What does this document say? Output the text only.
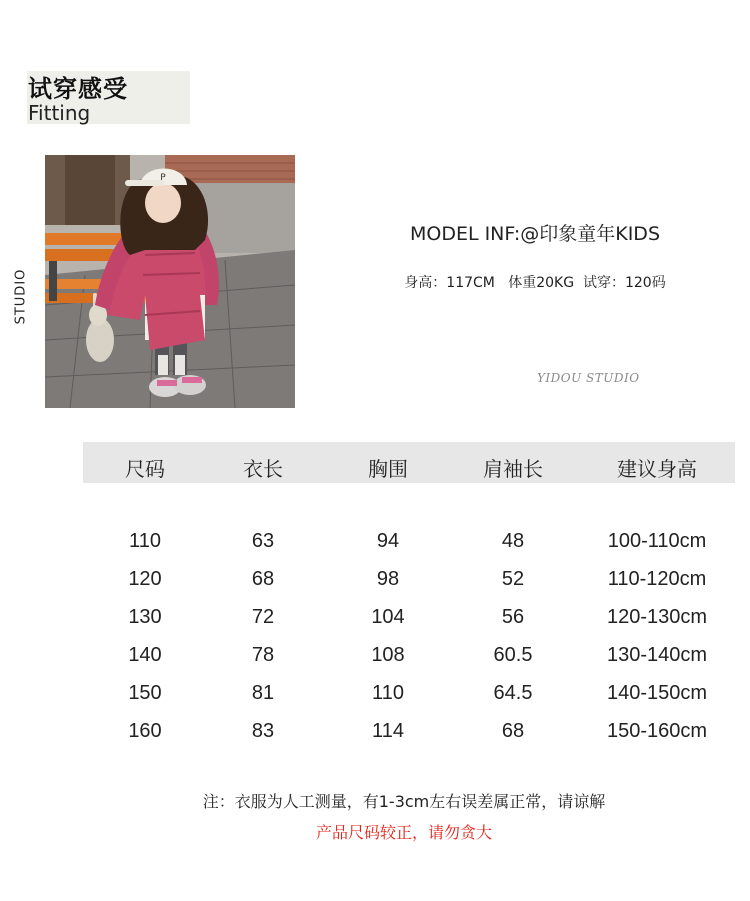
试穿感受
Fitting
STUDIO
P
MODEL INF:@印象童年KIDS
身高：117CM   体重20KG  试穿：120码
YIDOU STUDIO
尺码	衣长	胸围	肩袖长	建议身高
110	63	94	48	100-110cm
120	68	98	52	110-120cm
130	72	104	56	120-130cm
140	78	108	60.5	130-140cm
150	81	110	64.5	140-150cm
160	83	114	68	150-160cm
注：衣服为人工测量，有1-3cm左右误差属正常，请谅解
产品尺码较正，请勿贪大
